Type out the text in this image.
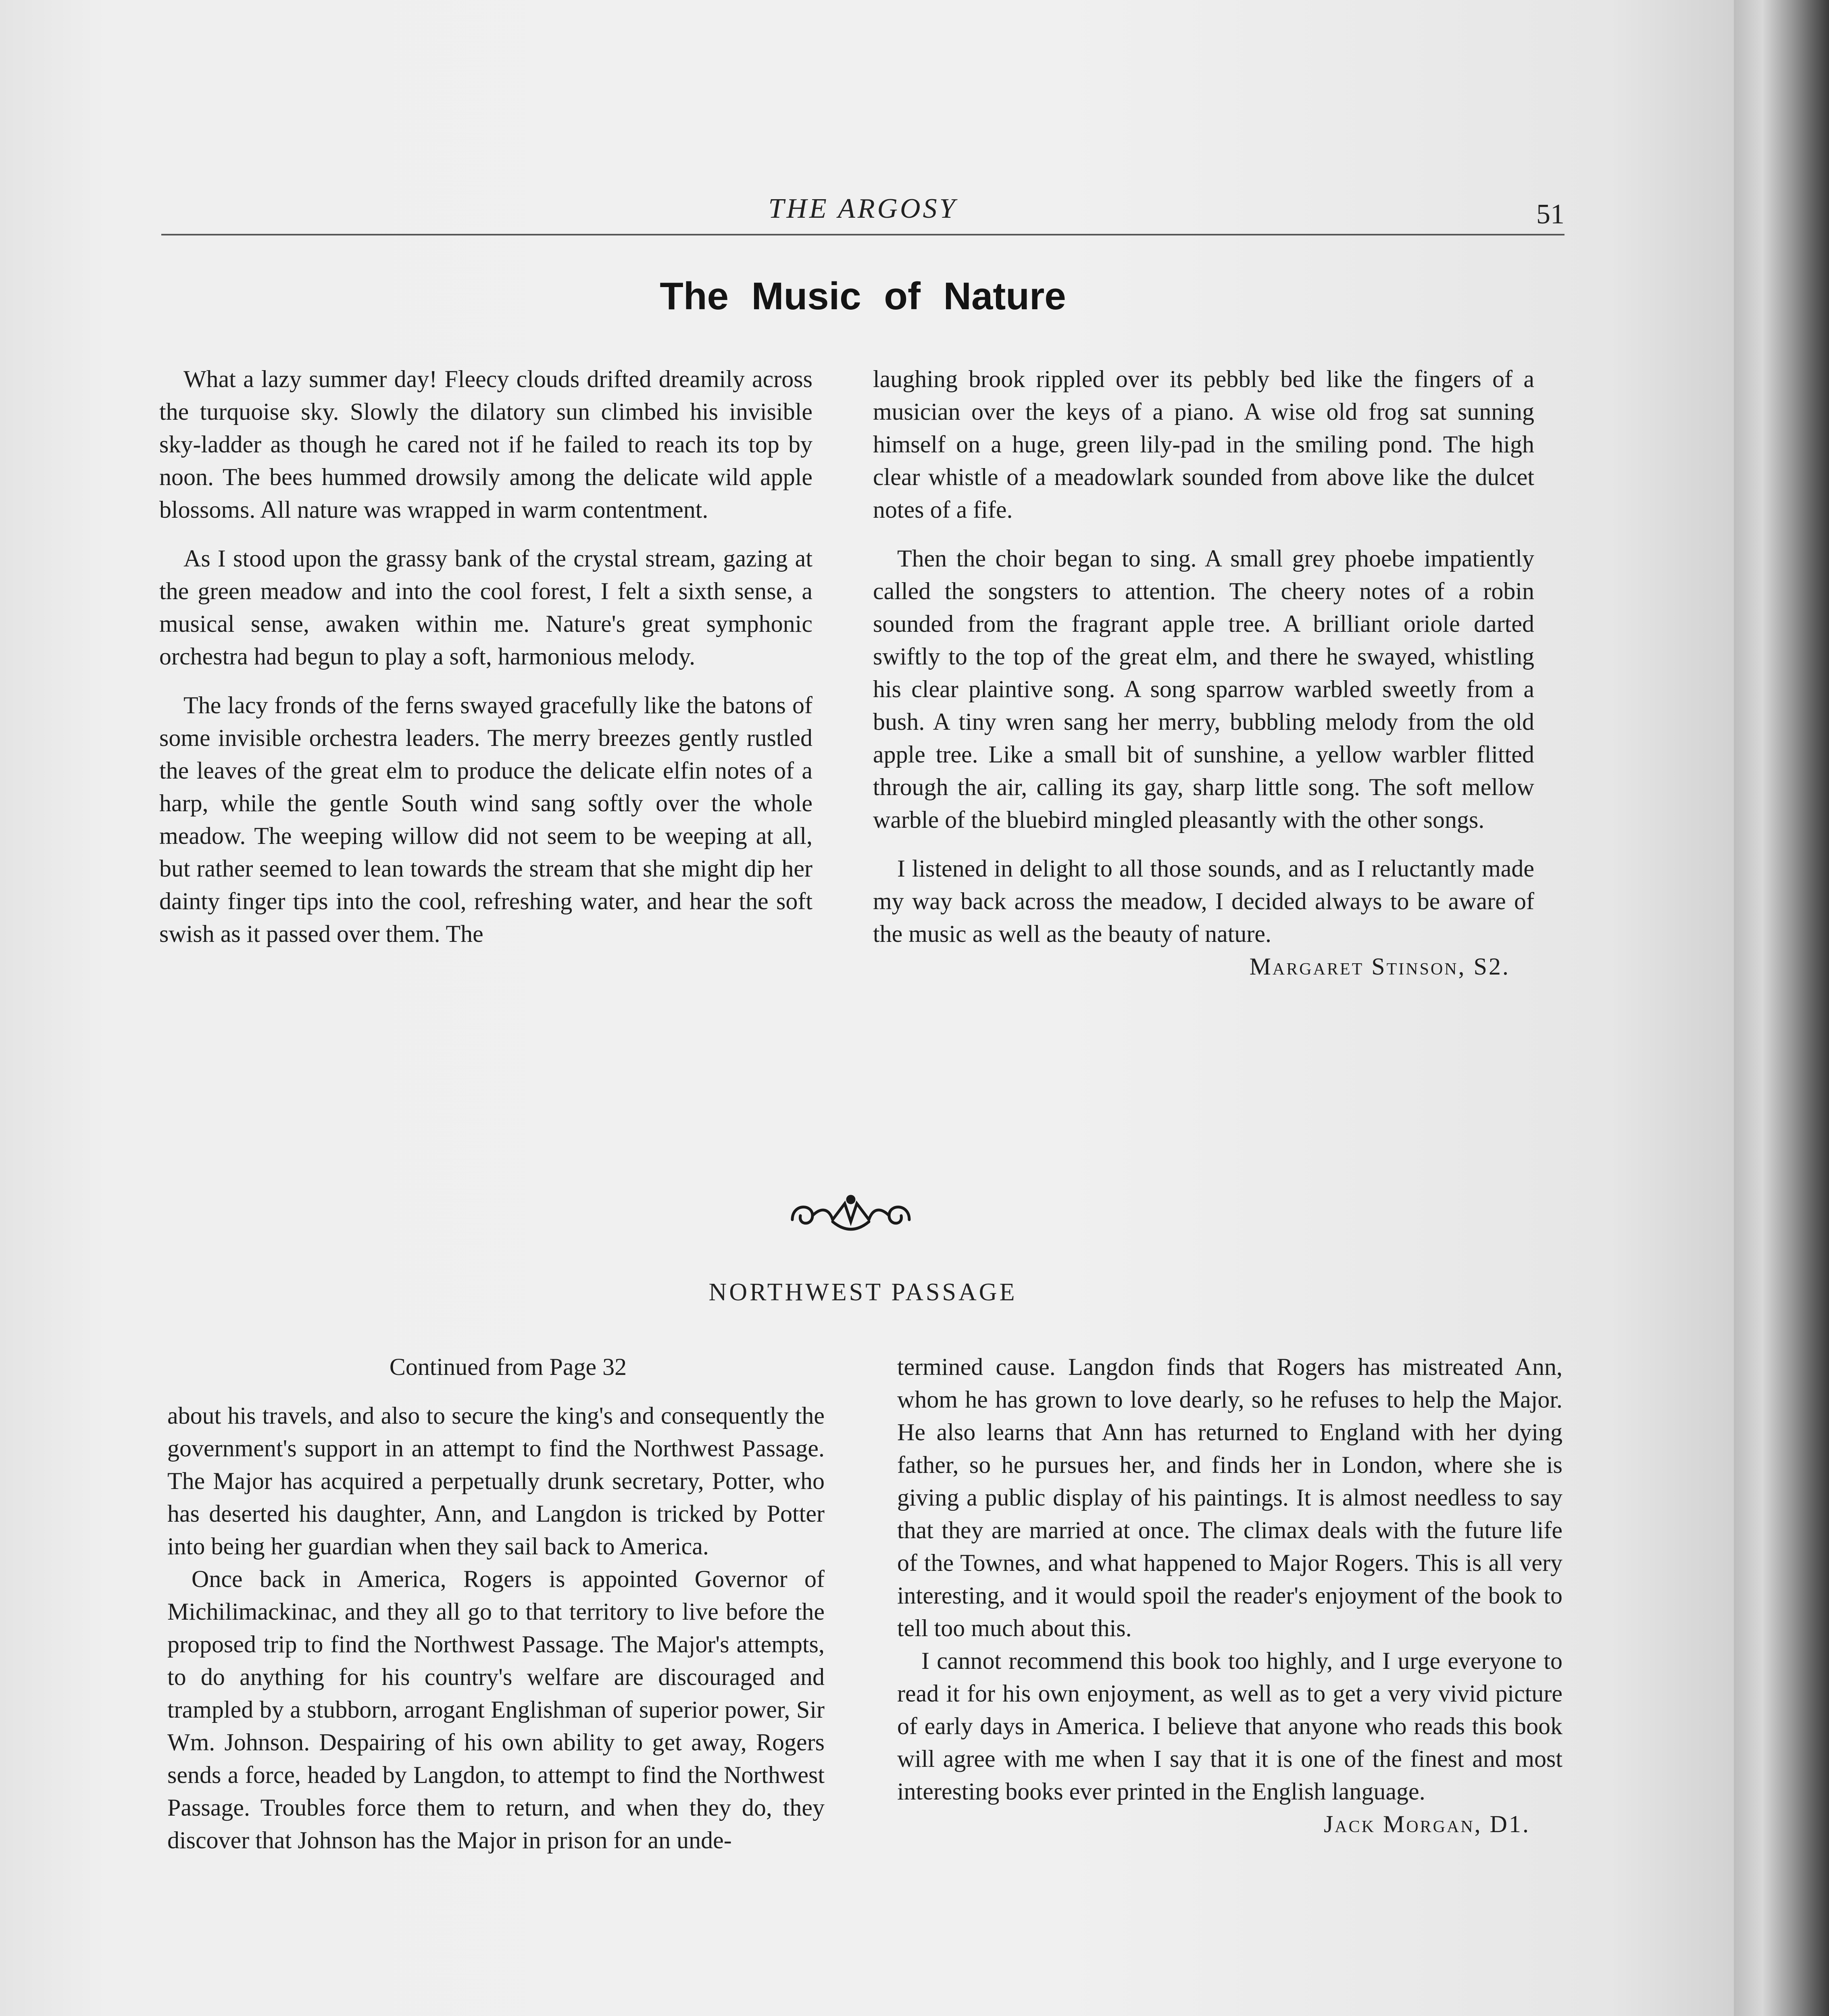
THE ARGOSY	51
The Music of Nature

What a lazy summer day! Fleecy clouds drifted dreamily across the turquoise sky. Slowly the dilatory sun climbed his invisible sky-ladder as though he cared not if he failed to reach its top by noon. The bees hummed drowsily among the delicate wild apple blossoms. All nature was wrapped in warm contentment.

As I stood upon the grassy bank of the crystal stream, gazing at the green meadow and into the cool forest, I felt a sixth sense, a musical sense, awaken within me. Nature's great symphonic orchestra had begun to play a soft, harmonious melody.

The lacy fronds of the ferns swayed gracefully like the batons of some invisible orchestra leaders. The merry breezes gently rustled the leaves of the great elm to produce the delicate elfin notes of a harp, while the gentle South wind sang softly over the whole meadow. The weeping willow did not seem to be weeping at all, but rather seemed to lean towards the stream that she might dip her dainty finger tips into the cool, refreshing water, and hear the soft swish as it passed over them. The

laughing brook rippled over its pebbly bed like the fingers of a musician over the keys of a piano. A wise old frog sat sunning himself on a huge, green lily-pad in the smiling pond. The high clear whistle of a meadowlark sounded from above like the dulcet notes of a fife.

Then the choir began to sing. A small grey phoebe impatiently called the songsters to attention. The cheery notes of a robin sounded from the fragrant apple tree. A brilliant oriole darted swiftly to the top of the great elm, and there he swayed, whistling his clear plaintive song. A song sparrow warbled sweetly from a bush. A tiny wren sang her merry, bubbling melody from the old apple tree. Like a small bit of sunshine, a yellow warbler flitted through the air, calling its gay, sharp little song. The soft mellow warble of the bluebird mingled pleasantly with the other songs.

I listened in delight to all those sounds, and as I reluctantly made my way back across the meadow, I decided always to be aware of the music as well as the beauty of nature.

Margaret Stinson, S2.

NORTHWEST PASSAGE

Continued from Page 32

about his travels, and also to secure the king's and consequently the government's support in an attempt to find the Northwest Passage. The Major has acquired a perpetually drunk secretary, Potter, who has deserted his daughter, Ann, and Langdon is tricked by Potter into being her guardian when they sail back to America.

Once back in America, Rogers is appointed Governor of Michilimackinac, and they all go to that territory to live before the proposed trip to find the Northwest Passage. The Major's attempts, to do anything for his country's welfare are discouraged and trampled by a stubborn, arrogant Englishman of superior power, Sir Wm. Johnson. Despairing of his own ability to get away, Rogers sends a force, headed by Langdon, to attempt to find the Northwest Passage. Troubles force them to return, and when they do, they discover that Johnson has the Major in prison for an unde-

termined cause. Langdon finds that Rogers has mistreated Ann, whom he has grown to love dearly, so he refuses to help the Major. He also learns that Ann has returned to England with her dying father, so he pursues her, and finds her in London, where she is giving a public display of his paintings. It is almost needless to say that they are married at once. The climax deals with the future life of the Townes, and what happened to Major Rogers. This is all very interesting, and it would spoil the reader's enjoyment of the book to tell too much about this.

I cannot recommend this book too highly, and I urge everyone to read it for his own enjoyment, as well as to get a very vivid picture of early days in America. I believe that anyone who reads this book will agree with me when I say that it is one of the finest and most interesting books ever printed in the English language.

Jack Morgan, D1.
